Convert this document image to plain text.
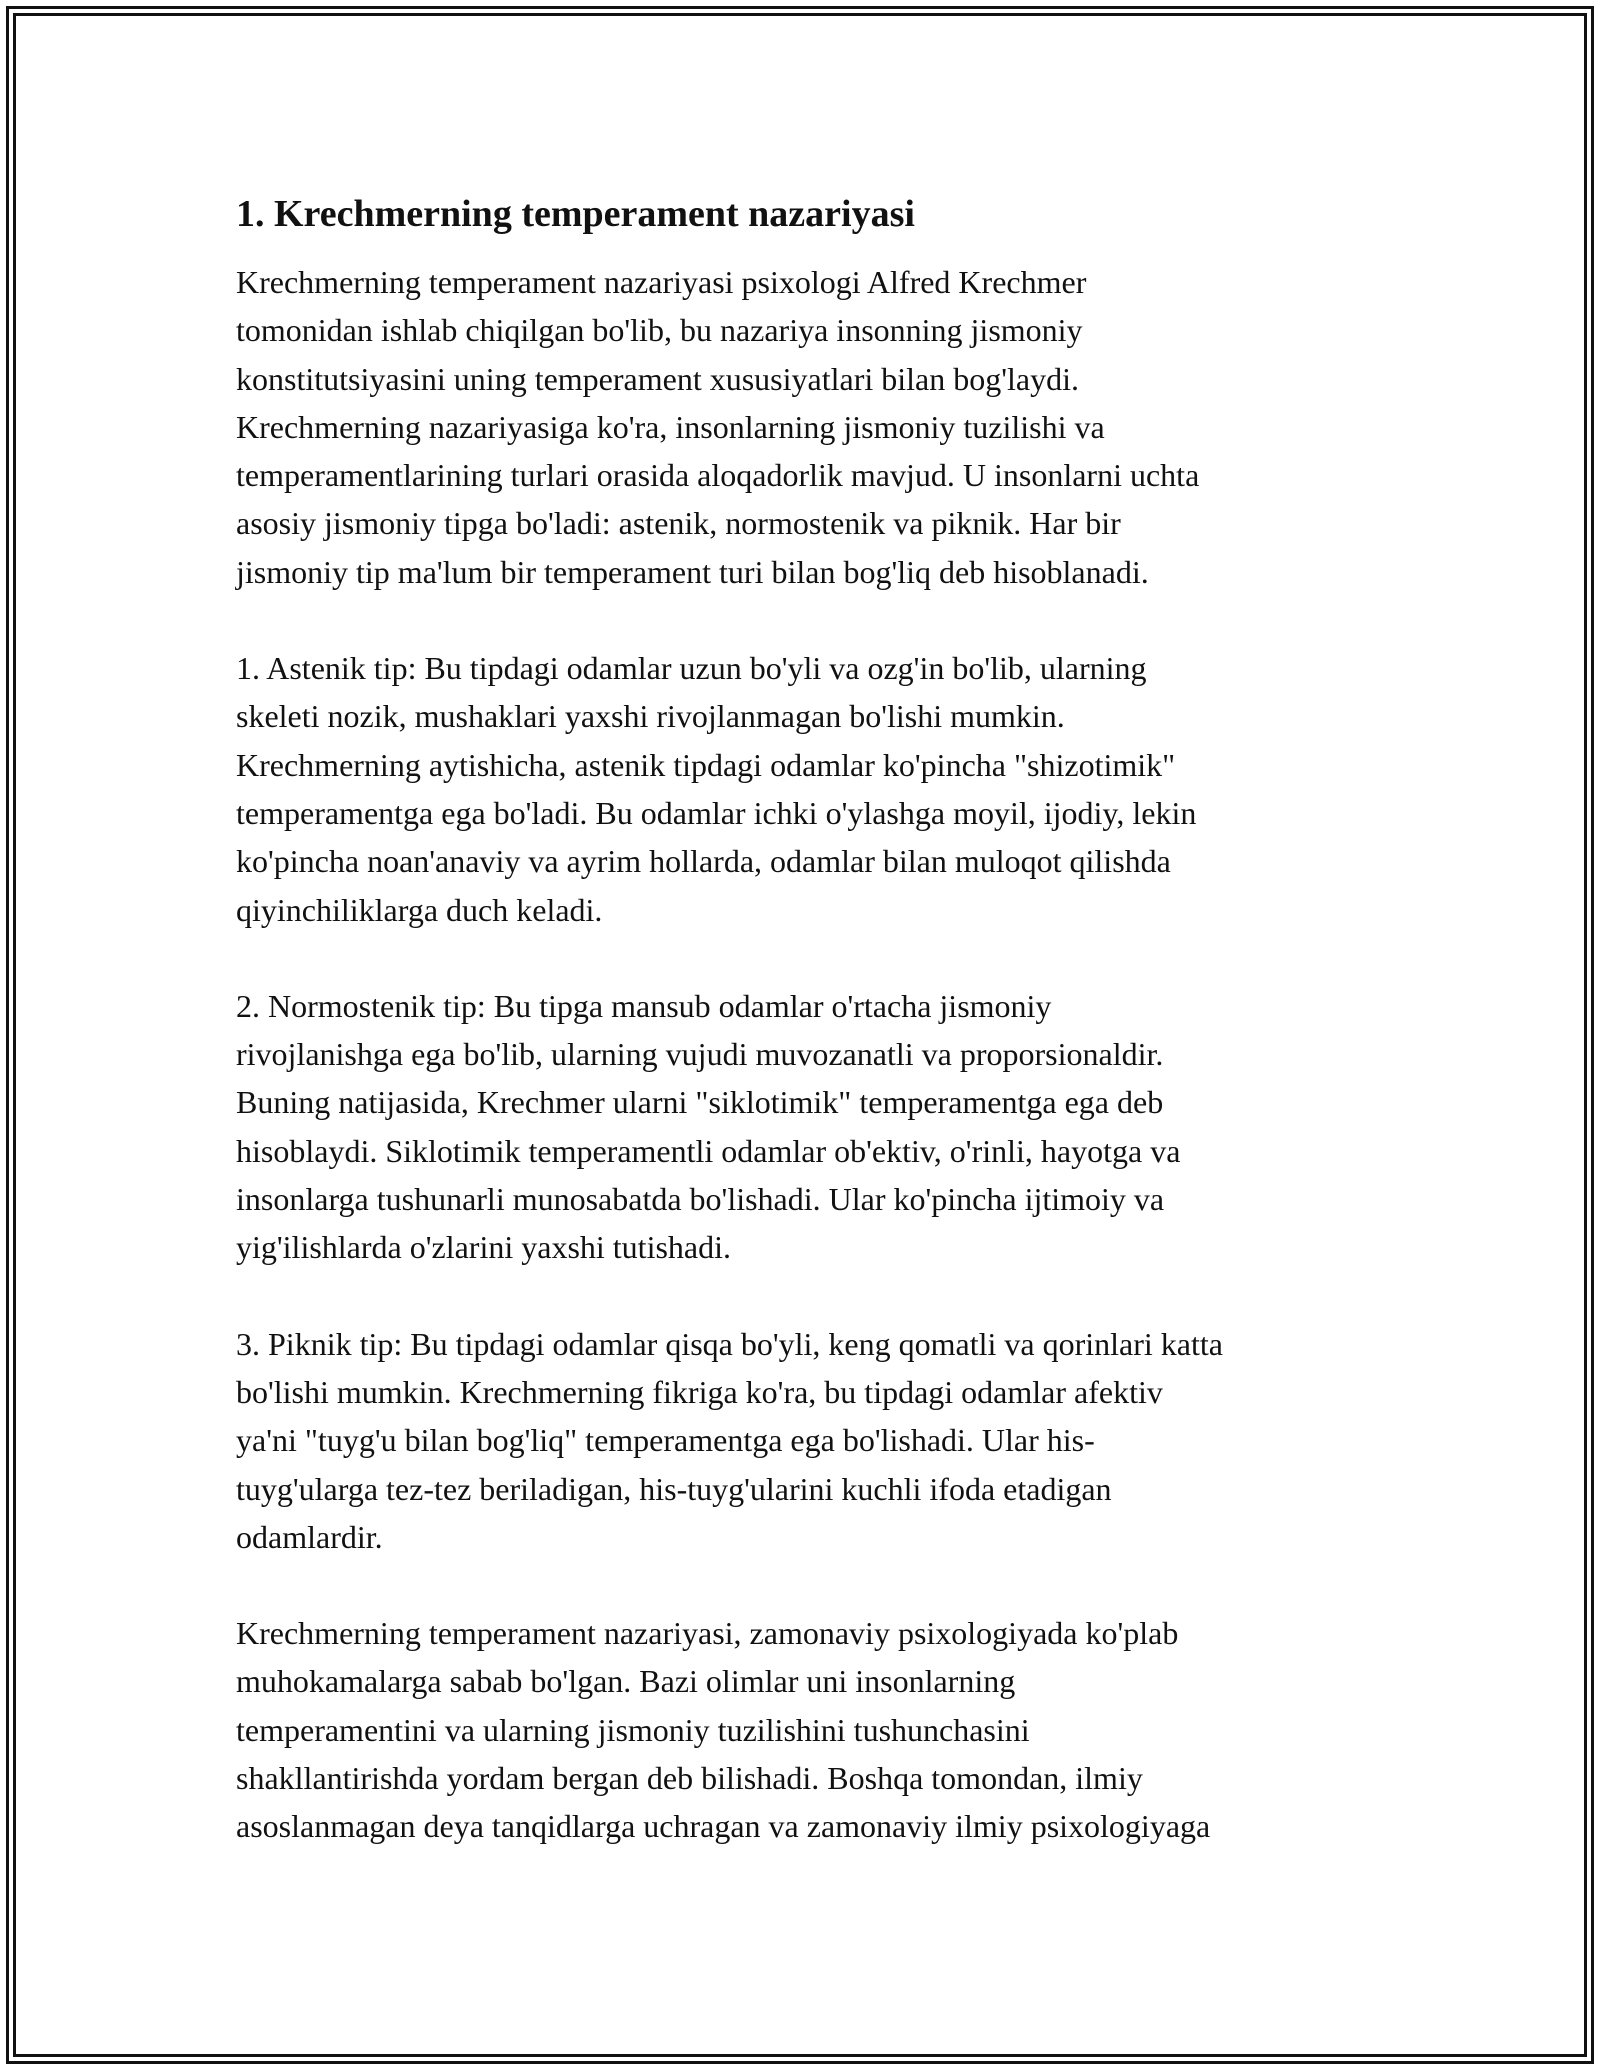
1. Krechmerning temperament nazariyasi

Krechmerning temperament nazariyasi psixologi Alfred Krechmer
tomonidan ishlab chiqilgan bo'lib, bu nazariya insonning jismoniy
konstitutsiyasini uning temperament xususiyatlari bilan bog'laydi.
Krechmerning nazariyasiga ko'ra, insonlarning jismoniy tuzilishi va
temperamentlarining turlari orasida aloqadorlik mavjud. U insonlarni uchta
asosiy jismoniy tipga bo'ladi: astenik, normostenik va piknik. Har bir
jismoniy tip ma'lum bir temperament turi bilan bog'liq deb hisoblanadi.

1. Astenik tip: Bu tipdagi odamlar uzun bo'yli va ozg'in bo'lib, ularning
skeleti nozik, mushaklari yaxshi rivojlanmagan bo'lishi mumkin.
Krechmerning aytishicha, astenik tipdagi odamlar ko'pincha "shizotimik"
temperamentga ega bo'ladi. Bu odamlar ichki o'ylashga moyil, ijodiy, lekin
ko'pincha noan'anaviy va ayrim hollarda, odamlar bilan muloqot qilishda
qiyinchiliklarga duch keladi.

2. Normostenik tip: Bu tipga mansub odamlar o'rtacha jismoniy
rivojlanishga ega bo'lib, ularning vujudi muvozanatli va proporsionaldir.
Buning natijasida, Krechmer ularni "siklotimik" temperamentga ega deb
hisoblaydi. Siklotimik temperamentli odamlar ob'ektiv, o'rinli, hayotga va
insonlarga tushunarli munosabatda bo'lishadi. Ular ko'pincha ijtimoiy va
yig'ilishlarda o'zlarini yaxshi tutishadi.

3. Piknik tip: Bu tipdagi odamlar qisqa bo'yli, keng qomatli va qorinlari katta
bo'lishi mumkin. Krechmerning fikriga ko'ra, bu tipdagi odamlar afektiv
ya'ni "tuyg'u bilan bog'liq" temperamentga ega bo'lishadi. Ular his-
tuyg'ularga tez-tez beriladigan, his-tuyg'ularini kuchli ifoda etadigan
odamlardir.

Krechmerning temperament nazariyasi, zamonaviy psixologiyada ko'plab
muhokamalarga sabab bo'lgan. Bazi olimlar uni insonlarning
temperamentini va ularning jismoniy tuzilishini tushunchasini
shakllantirishda yordam bergan deb bilishadi. Boshqa tomondan, ilmiy
asoslanmagan deya tanqidlarga uchragan va zamonaviy ilmiy psixologiyaga
